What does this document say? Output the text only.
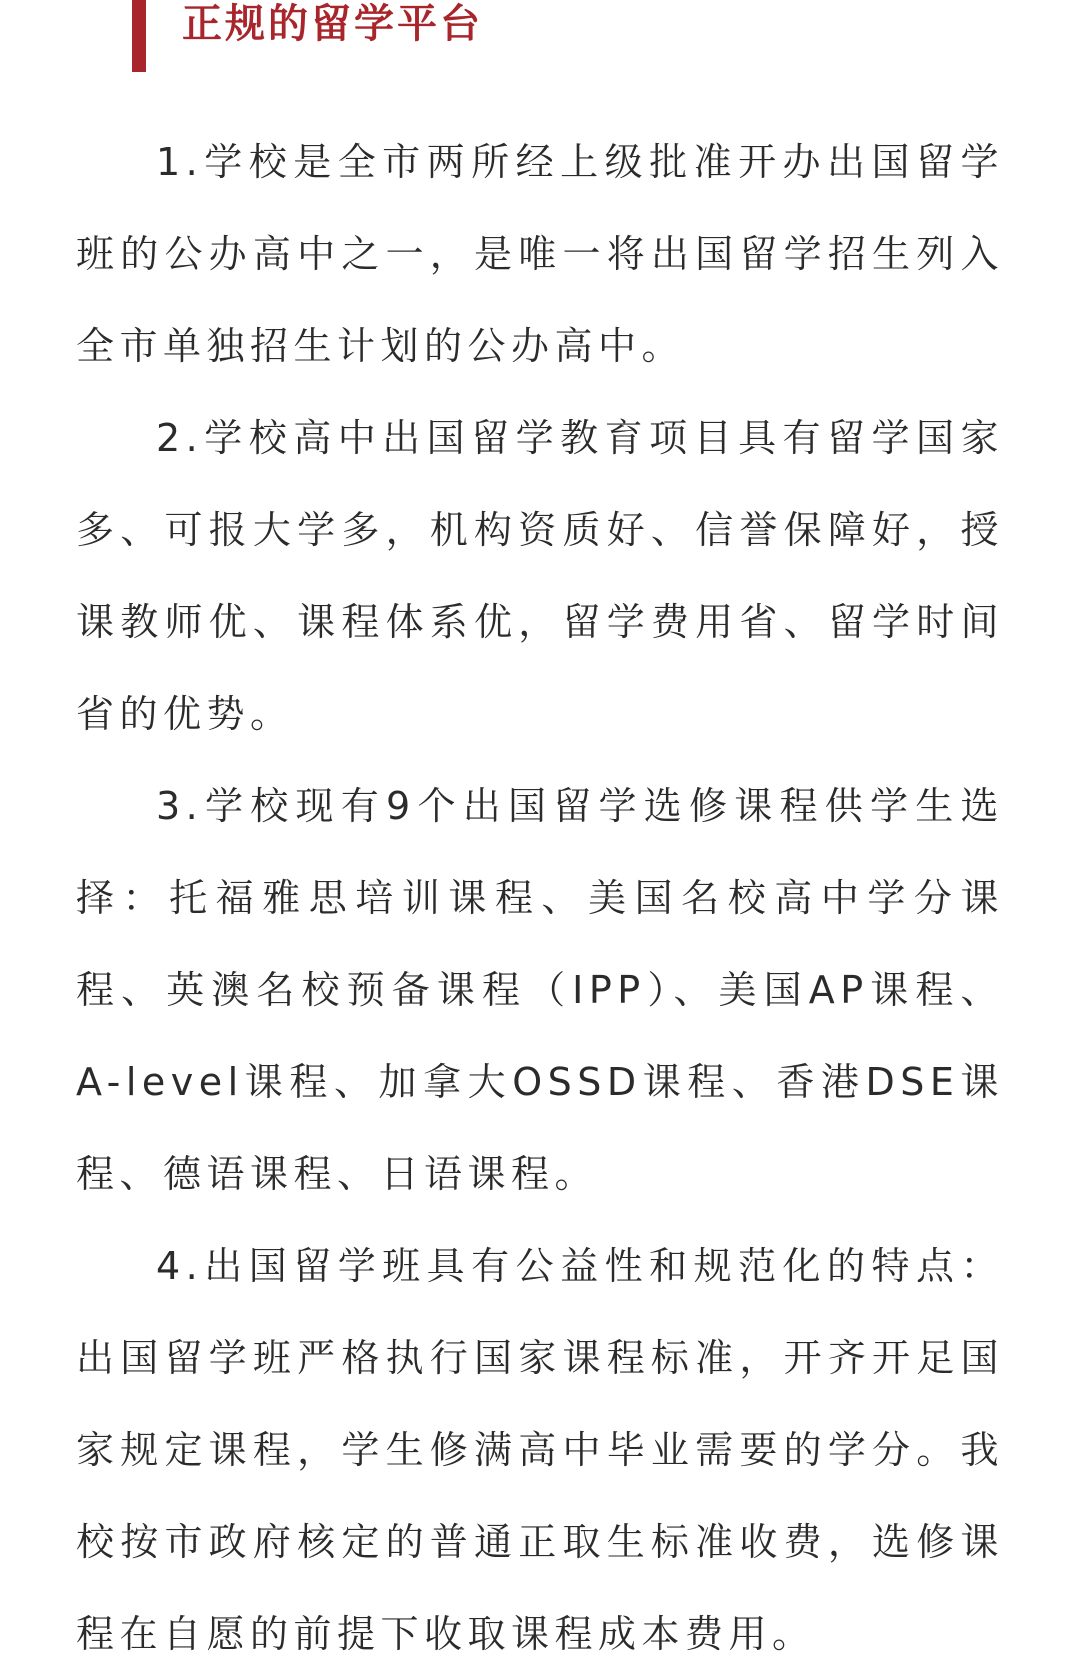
正规的留学平台

1.学校是全市两所经上级批准开办出国留学班的公办高中之一，是唯一将出国留学招生列入全市单独招生计划的公办高中。

2.学校高中出国留学教育项目具有留学国家多、可报大学多，机构资质好、信誉保障好，授课教师优、课程体系优，留学费用省、留学时间省的优势。

3.学校现有9个出国留学选修课程供学生选择：托福雅思培训课程、美国名校高中学分课程、英澳名校预备课程（IPP）、美国AP课程、A-level课程、加拿大OSSD课程、香港DSE课程、德语课程、日语课程。

4.出国留学班具有公益性和规范化的特点：出国留学班严格执行国家课程标准，开齐开足国家规定课程，学生修满高中毕业需要的学分。我校按市政府核定的普通正取生标准收费，选修课程在自愿的前提下收取课程成本费用。
